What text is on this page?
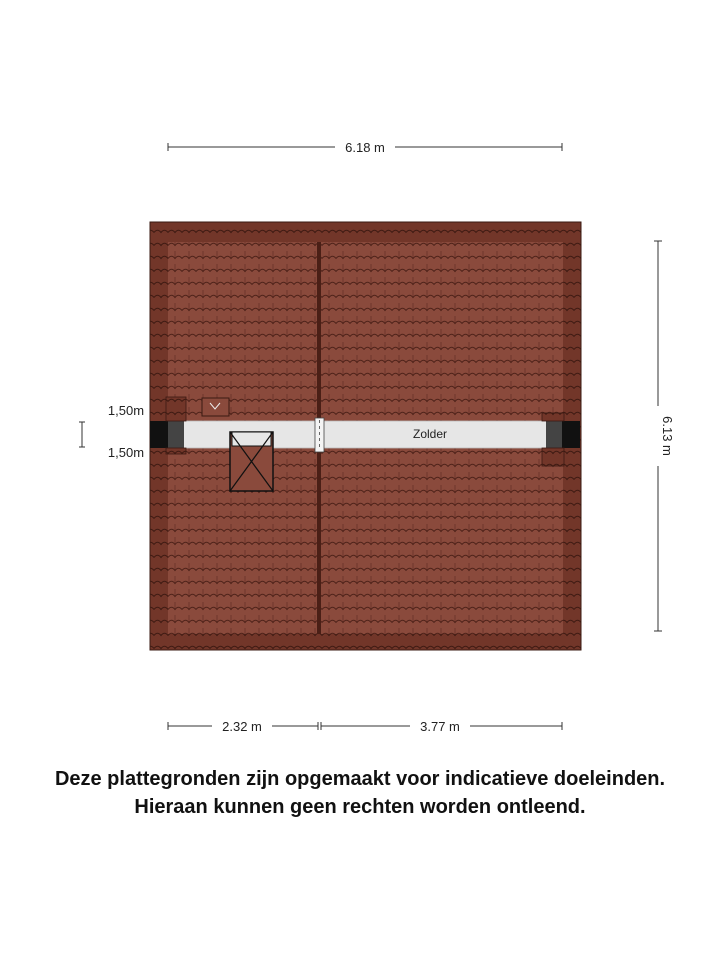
6.18 m
Zolder
1,50m
1,50m	6.13 m
2.32 m	3.77 m
Deze plattegronden zijn opgemaakt voor indicatieve doeleinden.
Hieraan kunnen geen rechten worden ontleend.
